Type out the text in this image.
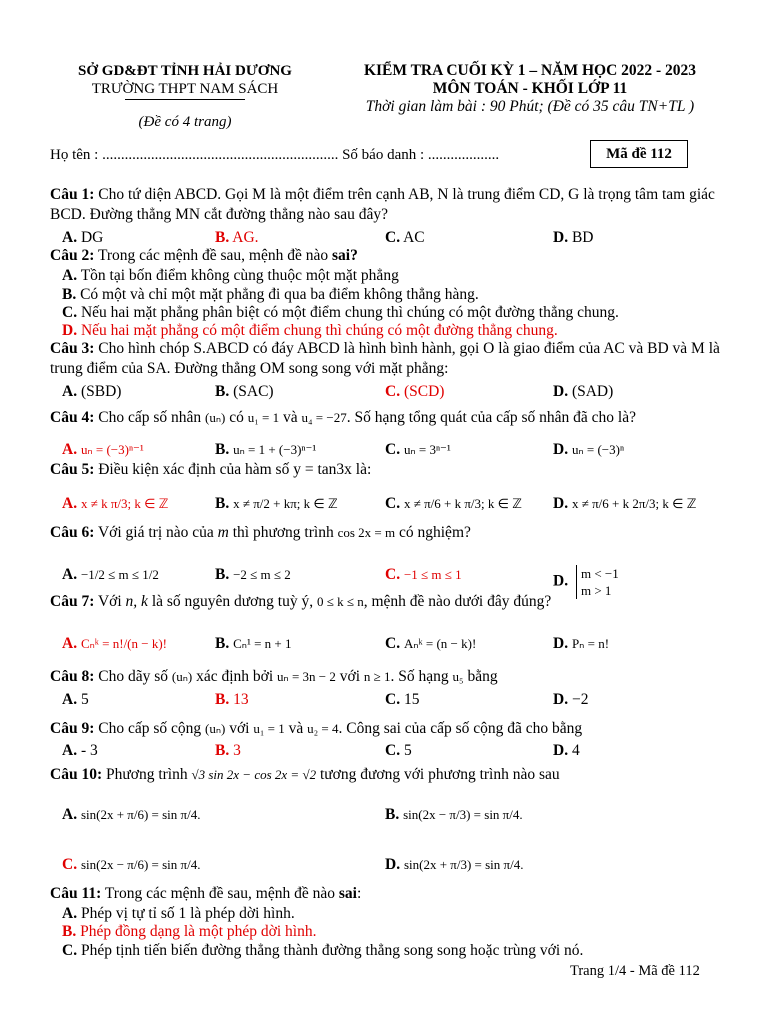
SỞ GD&ĐT TỈNH HẢI DƯƠNG
TRƯỜNG THPT NAM SÁCH
(Đề có 4 trang)
KIỂM TRA CUỐI KỲ 1 – NĂM HỌC 2022 - 2023
MÔN TOÁN - KHỐI LỚP 11
Thời gian làm bài : 90 Phút; (Đề có 35 câu TN+TL )
Họ tên : ............................................................... Số báo danh : ...................	Mã đề 112
Câu 1: Cho tứ diện ABCD. Gọi M là một điểm trên cạnh AB, N là trung điểm CD, G là trọng tâm tam giác BCD. Đường thẳng MN cắt đường thẳng nào sau đây?
A. DG	B. AG.	C. AC	D. BD
Câu 2: Trong các mệnh đề sau, mệnh đề nào sai?
A. Tồn tại bốn điểm không cùng thuộc một mặt phẳng
B. Có một và chỉ một mặt phẳng đi qua ba điểm không thẳng hàng.
C. Nếu hai mặt phẳng phân biệt có một điểm chung thì chúng có một đường thẳng chung.
D. Nếu hai mặt phẳng có một điểm chung thì chúng có một đường thẳng chung.
Câu 3: Cho hình chóp S.ABCD có đáy ABCD là hình bình hành, gọi O là giao điểm của AC và BD và M là trung điểm của SA. Đường thẳng OM song song với mặt phẳng:
A. (SBD)	B. (SAC)	C. (SCD)	D. (SAD)
Câu 4: Cho cấp số nhân (uₙ) có u₁ = 1 và u₄ = −27. Số hạng tổng quát của cấp số nhân đã cho là?
A. uₙ = (−3)ⁿ⁻¹	B. uₙ = 1 + (−3)ⁿ⁻¹	C. uₙ = 3ⁿ⁻¹	D. uₙ = (−3)ⁿ
Câu 5: Điều kiện xác định của hàm số y = tan3x là:
A. x ≠ k π/3; k ∈ ℤ	B. x ≠ π/2 + kπ; k ∈ ℤ	C. x ≠ π/6 + k π/3; k ∈ ℤ D. x ≠ π/6 + k 2π/3; k ∈ ℤ
Câu 6: Với giá trị nào của m thì phương trình cos 2x = m có nghiệm?
A. −1/2 ≤ m ≤ 1/2	B. −2 ≤ m ≤ 2	C. −1 ≤ m ≤ 1	D. m < −1
m > 1
Câu 7: Với n, k là số nguyên dương tuỳ ý, 0 ≤ k ≤ n, mệnh đề nào dưới đây đúng?
A. Cₙᵏ = n!/(n − k)!	B. Cₙ¹ = n + 1	C. Aₙᵏ = (n − k)!	D. Pₙ = n!
Câu 8: Cho dãy số (uₙ) xác định bởi uₙ = 3n − 2 với n ≥ 1. Số hạng u₅ bằng
A. 5	B. 13	C. 15	D. −2
Câu 9: Cho cấp số cộng (uₙ) với u₁ = 1 và u₂ = 4. Công sai của cấp số cộng đã cho bằng
A. - 3	B. 3	C. 5	D. 4
Câu 10: Phương trình √3 sin 2x − cos 2x = √2 tương đương với phương trình nào sau
A. sin(2x + π/6) = sin π/4.	B. sin(2x − π/3) = sin π/4.
C. sin(2x − π/6) = sin π/4.	D. sin(2x + π/3) = sin π/4.
Câu 11: Trong các mệnh đề sau, mệnh đề nào sai:
A. Phép vị tự tỉ số 1 là phép dời hình.
B. Phép đồng dạng là một phép dời hình.
C. Phép tịnh tiến biến đường thẳng thành đường thẳng song song hoặc trùng với nó.
Trang 1/4 - Mã đề 112
